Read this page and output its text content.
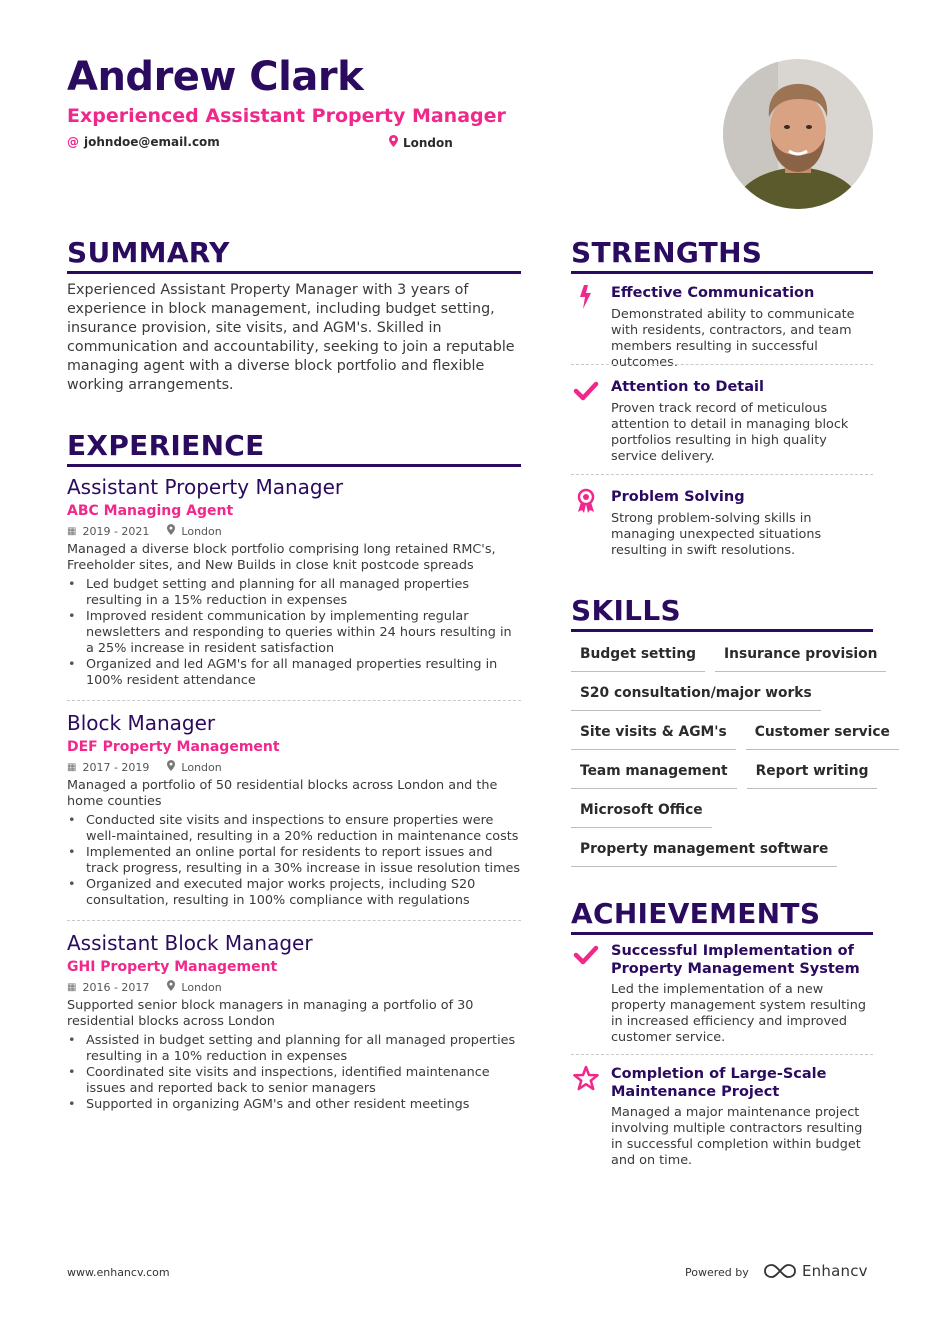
Andrew Clark
Experienced Assistant Property Manager
@ johndoe@email.com	London
SUMMARY
Experienced Assistant Property Manager with 3 years of experience in block management, including budget setting, insurance provision, site visits, and AGM's. Skilled in communication and accountability, seeking to join a reputable managing agent with a diverse block portfolio and flexible working arrangements.
EXPERIENCE
Assistant Property Manager
ABC Managing Agent
▦ 2019 - 2021	London
Managed a diverse block portfolio comprising long retained RMC's, Freeholder sites, and New Builds in close knit postcode spreads
• Led budget setting and planning for all managed properties resulting in a 15% reduction in expenses
• Improved resident communication by implementing regular newsletters and responding to queries within 24 hours resulting in a 25% increase in resident satisfaction
• Organized and led AGM's for all managed properties resulting in 100% resident attendance
Block Manager
DEF Property Management
▦ 2017 - 2019	London
Managed a portfolio of 50 residential blocks across London and the home counties
• Conducted site visits and inspections to ensure properties were well-maintained, resulting in a 20% reduction in maintenance costs
• Implemented an online portal for residents to report issues and track progress, resulting in a 30% increase in issue resolution times
• Organized and executed major works projects, including S20 consultation, resulting in 100% compliance with regulations
Assistant Block Manager
GHI Property Management
▦ 2016 - 2017	London
Supported senior block managers in managing a portfolio of 30 residential blocks across London
• Assisted in budget setting and planning for all managed properties resulting in a 10% reduction in expenses
• Coordinated site visits and inspections, identified maintenance issues and reported back to senior managers
• Supported in organizing AGM's and other resident meetings
STRENGTHS
Effective Communication
Demonstrated ability to communicate with residents, contractors, and team members resulting in successful outcomes.
Attention to Detail
Proven track record of meticulous attention to detail in managing block portfolios resulting in high quality service delivery.
Problem Solving
Strong problem-solving skills in managing unexpected situations resulting in swift resolutions.
SKILLS
Budget setting	Insurance provision
S20 consultation/major works
Site visits & AGM's	Customer service
Team management	Report writing
Microsoft Office
Property management software
ACHIEVEMENTS
Successful Implementation of Property Management System
Led the implementation of a new property management system resulting in increased efficiency and improved customer service.
Completion of Large-Scale Maintenance Project
Managed a major maintenance project involving multiple contractors resulting in successful completion within budget and on time.
www.enhancv.com	Powered by	Enhancv
